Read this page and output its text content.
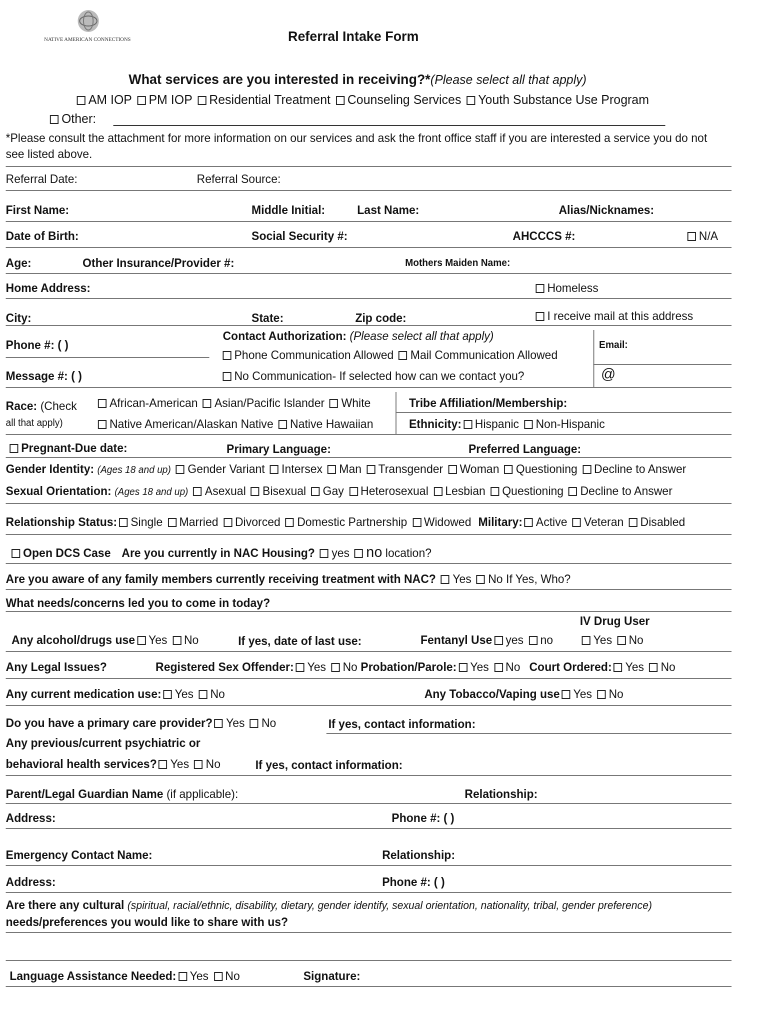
NATIVE AMERICAN CONNECTIONS	Referral Intake Form
What services are you interested in receiving?*(Please select all that apply)
AM IOP PM IOP Residential Treatment Counseling Services Youth Substance Use Program
Other:
*Please consult the attachment for more information on our services and ask the front office staff if you are interested a service you do not see listed above.
Referral Date:	Referral Source:
First Name:	Middle Initial:	Last Name:	Alias/Nicknames:
Date of Birth:	Social Security #:	AHCCCS #:	N/A
Age:	Other Insurance/Provider #:	Mothers Maiden Name:
Home Address:	Homeless
City:	State:	Zip code:	I receive mail at this address
Phone #: ( )
Contact Authorization: (Please select all that apply)
Phone Communication Allowed Mail Communication Allowed
Email:
@
Message #: ( )	No Communication- If selected how can we contact you?
Race: (Check
all that apply)
African-American Asian/Pacific Islander White
Native American/Alaskan Native Native Hawaiian
Tribe Affiliation/Membership:
Ethnicity: Hispanic Non-Hispanic
Pregnant-Due date:	Primary Language:	Preferred Language:
Gender Identity: (Ages 18 and up) Gender Variant Intersex Man Transgender Woman Questioning Decline to Answer
Sexual Orientation: (Ages 18 and up) Asexual Bisexual Gay Heterosexual Lesbian Questioning Decline to Answer
Relationship Status: Single Married Divorced Domestic Partnership Widowed Military: Active Veteran Disabled
Open DCS Case Are you currently in NAC Housing? yes no location?
Are you aware of any family members currently receiving treatment with NAC? Yes No If Yes, Who?
What needs/concerns led you to come in today?
IV Drug User
Any alcohol/drugs use Yes No	If yes, date of last use:	Fentanyl Use yes no	Yes No
Any Legal Issues?	Registered Sex Offender: Yes No Probation/Parole: Yes No Court Ordered: Yes No
Any current medication use: Yes No	Any Tobacco/Vaping use Yes No
Do you have a primary care provider? Yes No	If yes, contact information:
Any previous/current psychiatric or
behavioral health services? Yes No	If yes, contact information:
Parent/Legal Guardian Name (if applicable):	Relationship:
Address:	Phone #: ( )
Emergency Contact Name:	Relationship:
Address:	Phone #: ( )
Are there any cultural (spiritual, racial/ethnic, disability, dietary, gender identify, sexual orientation, nationality, tribal, gender preference)
needs/preferences you would like to share with us?
Language Assistance Needed: Yes No	Signature:
